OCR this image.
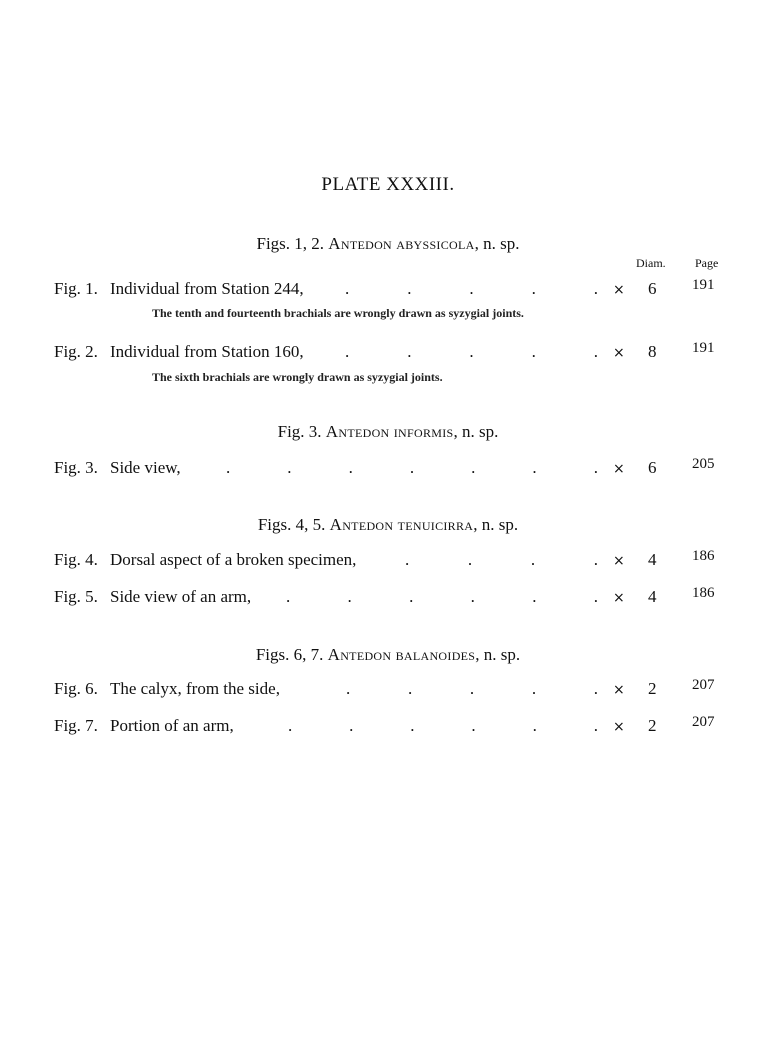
PLATE XXXIII.
Figs. 1, 2. Antedon abyssicola, n. sp.
Diam. Page
Fig. 1. Individual from Station 244, .	.	.	.	. × 6 191
The tenth and fourteenth brachials are wrongly drawn as syzygial joints.
Fig. 2. Individual from Station 160, .	.	.	.	. × 8 191
The sixth brachials are wrongly drawn as syzygial joints.
Fig. 3. Antedon informis, n. sp.
Fig. 3. Side view,	.	.	.	.	.	.	. × 6 205
Figs. 4, 5. Antedon tenuicirra, n. sp.
Fig. 4. Dorsal aspect of a broken specimen,	.	.	.	. × 4 186
Fig. 5. Side view of an arm, .	.	.	.	.	. × 4 186
Figs. 6, 7. Antedon balanoides, n. sp.
Fig. 6. The calyx, from the side,	.	.	.	.	. × 2 207
Fig. 7. Portion of an arm,	.	.	.	.	.	. × 2 207
